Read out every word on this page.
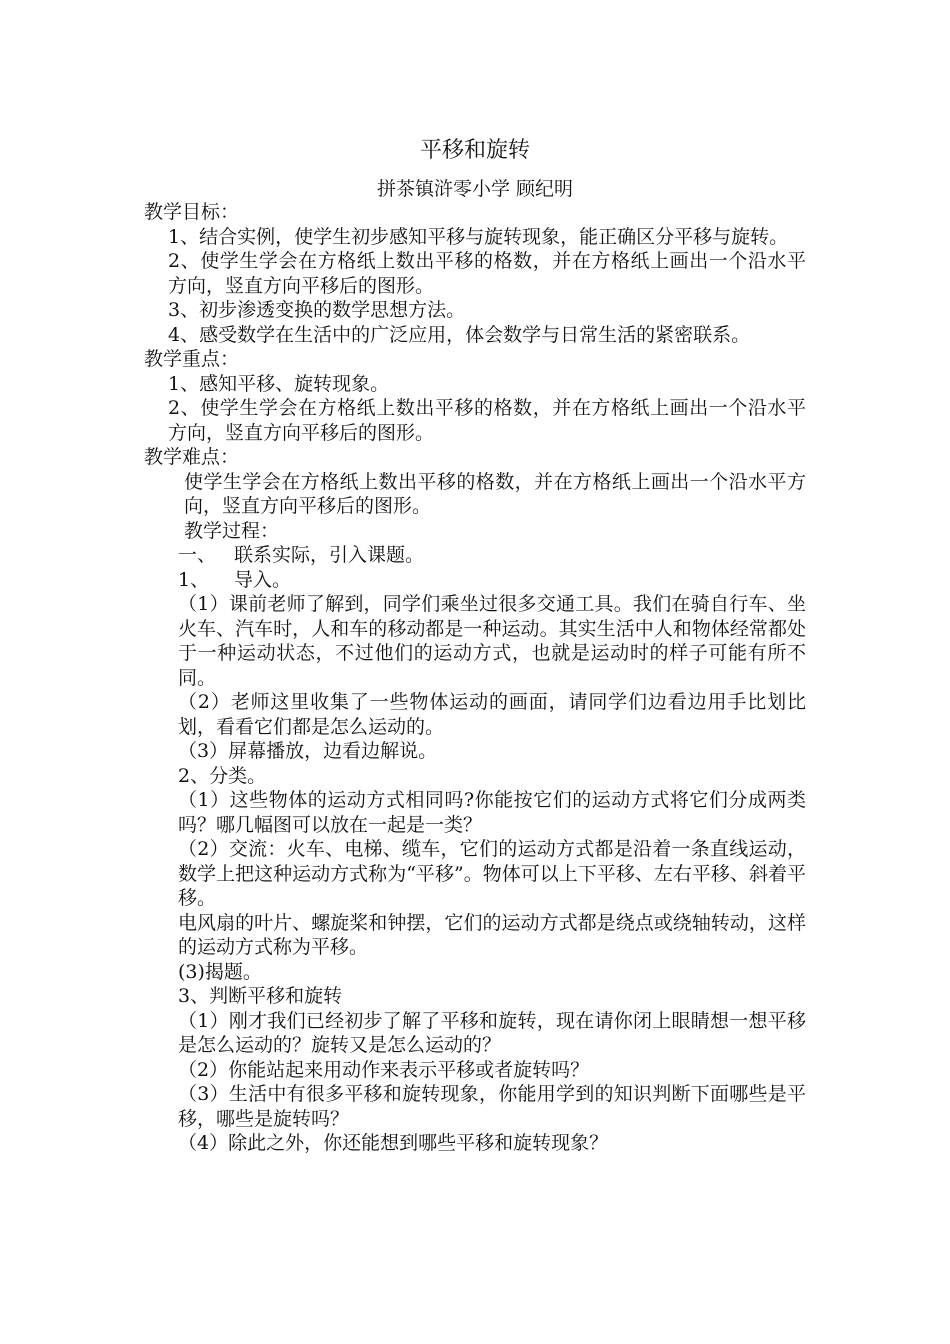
平移和旋转
拼茶镇浒零小学 顾纪明

教学目标：

1、结合实例，使学生初步感知平移与旋转现象，能正确区分平移与旋转。

2、使学生学会在方格纸上数出平移的格数，并在方格纸上画出一个沿水平方向，竖直方向平移后的图形。

3、初步渗透变换的数学思想方法。

4、感受数学在生活中的广泛应用，体会数学与日常生活的紧密联系。

教学重点：

1、感知平移、旋转现象。

2、使学生学会在方格纸上数出平移的格数，并在方格纸上画出一个沿水平方向，竖直方向平移后的图形。

教学难点：

使学生学会在方格纸上数出平移的格数，并在方格纸上画出一个沿水平方向，竖直方向平移后的图形。

教学过程：

一、 联系实际，引入课题。

1、 导入。

（1）课前老师了解到，同学们乘坐过很多交通工具。我们在骑自行车、坐火车、汽车时，人和车的移动都是一种运动。其实生活中人和物体经常都处于一种运动状态，不过他们的运动方式，也就是运动时的样子可能有所不同。

（2）老师这里收集了一些物体运动的画面，请同学们边看边用手比划比划，看看它们都是怎么运动的。

（3）屏幕播放，边看边解说。

2、分类。

（1）这些物体的运动方式相同吗?你能按它们的运动方式将它们分成两类吗？哪几幅图可以放在一起是一类？

（2）交流：火车、电梯、缆车，它们的运动方式都是沿着一条直线运动，数学上把这种运动方式称为“平移”。物体可以上下平移、左右平移、斜着平移。

电风扇的叶片、螺旋桨和钟摆，它们的运动方式都是绕点或绕轴转动，这样的运动方式称为平移。

(3)揭题。

3、判断平移和旋转

（1）刚才我们已经初步了解了平移和旋转，现在请你闭上眼睛想一想平移是怎么运动的？旋转又是怎么运动的？

（2）你能站起来用动作来表示平移或者旋转吗？

（3）生活中有很多平移和旋转现象，你能用学到的知识判断下面哪些是平移，哪些是旋转吗？

（4）除此之外，你还能想到哪些平移和旋转现象？
